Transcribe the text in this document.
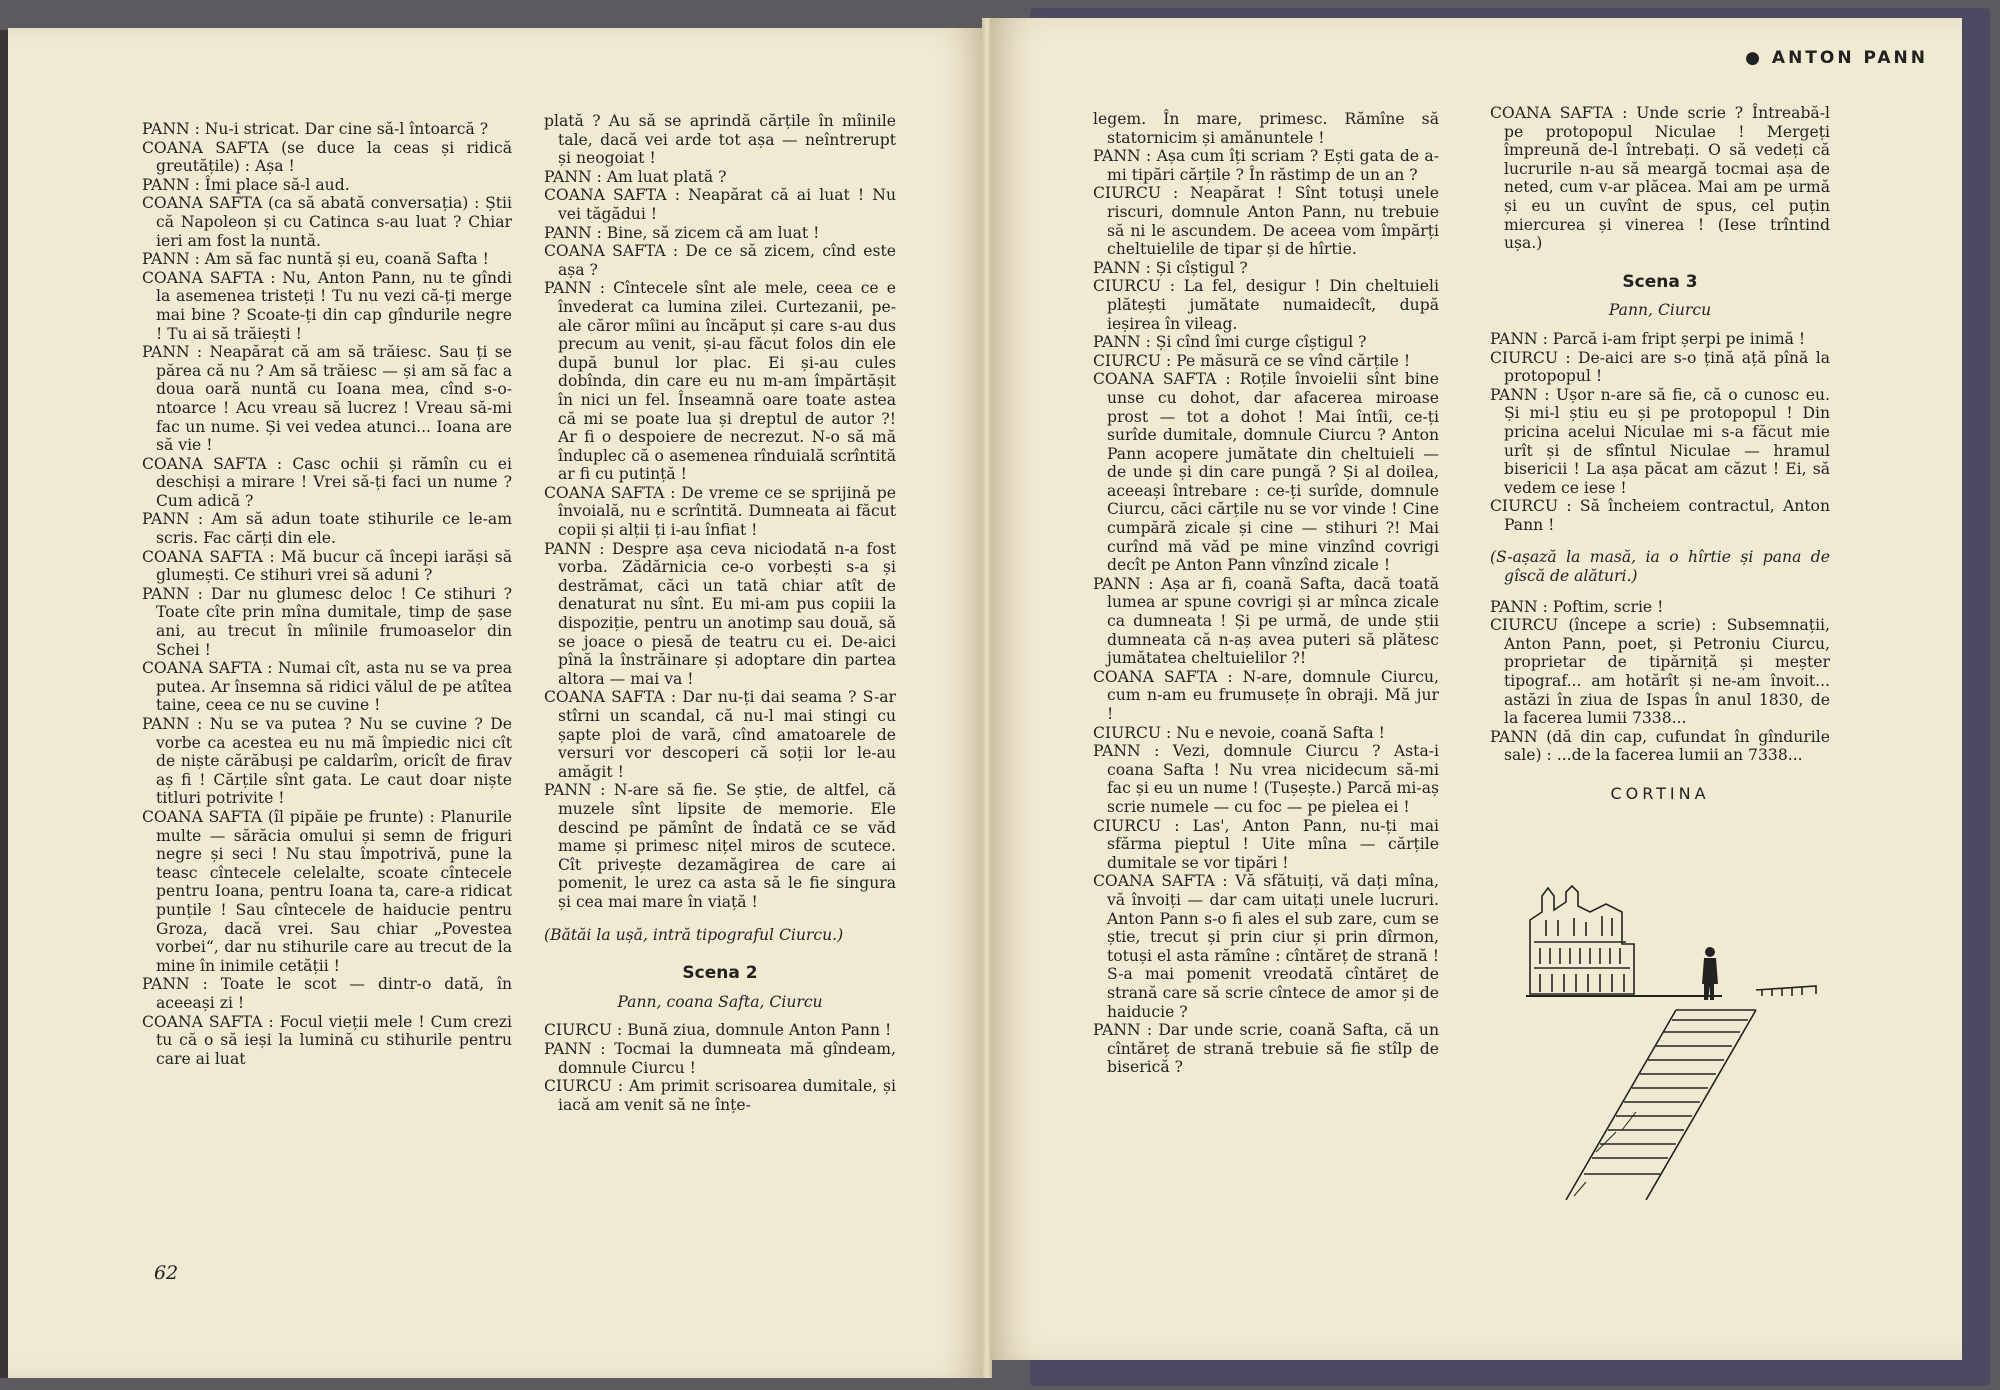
PANN : Nu-i stricat. Dar cine să-l întoarcă ?

COANA SAFTA (se duce la ceas și ridică greutățile) : Așa !

PANN : Îmi place să-l aud.

COANA SAFTA (ca să abată conversația) : Știi că Napoleon și cu Catinca s-au luat ? Chiar ieri am fost la nuntă.

PANN : Am să fac nuntă și eu, coană Safta !

COANA SAFTA : Nu, Anton Pann, nu te gîndi la asemenea tristeți ! Tu nu vezi că-ți merge mai bine ? Scoate-ți din cap gîndurile negre ! Tu ai să trăiești !

PANN : Neapărat că am să trăiesc. Sau ți se părea că nu ? Am să trăiesc — și am să fac a doua oară nuntă cu Ioana mea, cînd s-o-ntoarce ! Acu vreau să lucrez ! Vreau să-mi fac un nume. Și vei vedea atunci... Ioana are să vie !

COANA SAFTA : Casc ochii și rămîn cu ei deschiși a mirare ! Vrei să-ți faci un nume ? Cum adică ?

PANN : Am să adun toate stihurile ce le-am scris. Fac cărți din ele.

COANA SAFTA : Mă bucur că începi iarăși să glumești. Ce stihuri vrei să aduni ?

PANN : Dar nu glumesc deloc ! Ce stihuri ? Toate cîte prin mîna dumitale, timp de șase ani, au trecut în mîinile frumoaselor din Schei !

COANA SAFTA : Numai cît, asta nu se va prea putea. Ar însemna să ridici vălul de pe atîtea taine, ceea ce nu se cuvine !

PANN : Nu se va putea ? Nu se cuvine ? De vorbe ca acestea eu nu mă împiedic nici cît de niște cărăbuși pe caldarîm, oricît de firav aș fi ! Cărțile sînt gata. Le caut doar niște titluri potrivite !

COANA SAFTA (îl pipăie pe frunte) : Planurile multe — sărăcia omului și semn de friguri negre și seci ! Nu stau împotrivă, pune la teasc cîntecele celelalte, scoate cîntecele pentru Ioana, pentru Ioana ta, care-a ridicat punțile ! Sau cîntecele de haiducie pentru Groza, dacă vrei. Sau chiar „Povestea vorbei“, dar nu stihurile care au trecut de la mine în inimile cetății !

PANN : Toate le scot — dintr-o dată, în aceeași zi !

COANA SAFTA : Focul vieții mele ! Cum crezi tu că o să ieși la lumină cu stihurile pentru care ai luat

plată ? Au să se aprindă cărțile în mîinile tale, dacă vei arde tot așa — neîntrerupt și neogoiat !

PANN : Am luat plată ?

COANA SAFTA : Neapărat că ai luat ! Nu vei tăgădui !

PANN : Bine, să zicem că am luat !

COANA SAFTA : De ce să zicem, cînd este așa ?

PANN : Cîntecele sînt ale mele, ceea ce e învederat ca lumina zilei. Curtezanii, pe-ale căror mîini au încăput și care s-au dus precum au venit, și-au făcut folos din ele după bunul lor plac. Ei și-au cules dobînda, din care eu nu m-am împărtășit în nici un fel. Înseamnă oare toate astea că mi se poate lua și dreptul de autor ?! Ar fi o despoiere de necrezut. N-o să mă înduplec că o asemenea rînduială scrîntită ar fi cu putință !

COANA SAFTA : De vreme ce se sprijină pe învoială, nu e scrîntită. Dumneata ai făcut copii și alții ți i-au înfiat !

PANN : Despre așa ceva niciodată n-a fost vorba. Zădărnicia ce-o vorbești s-a și destrămat, căci un tată chiar atît de denaturat nu sînt. Eu mi-am pus copiii la dispoziție, pentru un anotimp sau două, să se joace o piesă de teatru cu ei. De-aici pînă la înstrăinare și adoptare din partea altora — mai va !

COANA SAFTA : Dar nu-ți dai seama ? S-ar stîrni un scandal, că nu-l mai stingi cu șapte ploi de vară, cînd amatoarele de versuri vor descoperi că soții lor le-au amăgit !

PANN : N-are să fie. Se știe, de altfel, că muzele sînt lipsite de memorie. Ele descind pe pămînt de îndată ce se văd mame și primesc nițel miros de scutece. Cît privește dezamăgirea de care ai pomenit, le urez ca asta să le fie singura și cea mai mare în viață !

(Bătăi la ușă, intră tipograful Ciurcu.)

Scena 2
Pann, coana Safta, Ciurcu

CIURCU : Bună ziua, domnule Anton Pann !

PANN : Tocmai la dumneata mă gîndeam, domnule Ciurcu !

CIURCU : Am primit scrisoarea dumitale, și iacă am venit să ne înțe-

62
● ANTON PANN

legem. În mare, primesc. Rămîne să statornicim și amănuntele !

PANN : Așa cum îți scriam ? Ești gata de a-mi tipări cărțile ? În răstimp de un an ?

CIURCU : Neapărat ! Sînt totuși unele riscuri, domnule Anton Pann, nu trebuie să ni le ascundem. De aceea vom împărți cheltuielile de tipar și de hîrtie.

PANN : Și cîștigul ?

CIURCU : La fel, desigur ! Din cheltuieli plătești jumătate numaidecît, după ieșirea în vileag.

PANN : Și cînd îmi curge cîștigul ?

CIURCU : Pe măsură ce se vînd cărțile !

COANA SAFTA : Roțile învoielii sînt bine unse cu dohot, dar afacerea miroase prost — tot a dohot ! Mai întîi, ce-ți surîde dumitale, domnule Ciurcu ? Anton Pann acopere jumătate din cheltuieli — de unde și din care pungă ? Și al doilea, aceeași întrebare : ce-ți surîde, domnule Ciurcu, căci cărțile nu se vor vinde ! Cine cumpără zicale și cine — stihuri ?! Mai curînd mă văd pe mine vinzînd covrigi decît pe Anton Pann vînzînd zicale !

PANN : Așa ar fi, coană Safta, dacă toată lumea ar spune covrigi și ar mînca zicale ca dumneata ! Și pe urmă, de unde știi dumneata că n-aș avea puteri să plătesc jumătatea cheltuielilor ?!

COANA SAFTA : N-are, domnule Ciurcu, cum n-am eu frumusețe în obraji. Mă jur !

CIURCU : Nu e nevoie, coană Safta !

PANN : Vezi, domnule Ciurcu ? Asta-i coana Safta ! Nu vrea nicidecum să-mi fac și eu un nume ! (Tușește.) Parcă mi-aș scrie numele — cu foc — pe pielea ei !

CIURCU : Las', Anton Pann, nu-ți mai sfărma pieptul ! Uite mîna — cărțile dumitale se vor tipări !

COANA SAFTA : Vă sfătuiți, vă dați mîna, vă învoiți — dar cam uitați unele lucruri. Anton Pann s-o fi ales el sub zare, cum se știe, trecut și prin ciur și prin dîrmon, totuși el asta rămîne : cîntăreț de strană ! S-a mai pomenit vreodată cîntăreț de strană care să scrie cîntece de amor și de haiducie ?

PANN : Dar unde scrie, coană Safta, că un cîntăreț de strană trebuie să fie stîlp de biserică ?

COANA SAFTA : Unde scrie ? Întreabă-l pe protopopul Niculae ! Mergeți împreună de-l întrebați. O să vedeți că lucrurile n-au să meargă tocmai așa de neted, cum v-ar plăcea. Mai am pe urmă și eu un cuvînt de spus, cel puțin miercurea și vinerea ! (Iese trîntind ușa.)

Scena 3
Pann, Ciurcu

PANN : Parcă i-am fript șerpi pe inimă !

CIURCU : De-aici are s-o țină ață pînă la protopopul !

PANN : Ușor n-are să fie, că o cunosc eu. Și mi-l știu eu și pe protopopul ! Din pricina acelui Niculae mi s-a făcut mie urît și de sfîntul Niculae — hramul bisericii ! La așa păcat am căzut ! Ei, să vedem ce iese !

CIURCU : Să încheiem contractul, Anton Pann !

(S-așază la masă, ia o hîrtie și pana de gîscă de alături.)

PANN : Poftim, scrie !

CIURCU (începe a scrie) : Subsemnații, Anton Pann, poet, și Petroniu Ciurcu, proprietar de tipărniță și meșter tipograf... am hotărît și ne-am învoit... astăzi în ziua de Ispas în anul 1830, de la facerea lumii 7338...

PANN (dă din cap, cufundat în gîndurile sale) : ...de la facerea lumii an 7338...

CORTINA
